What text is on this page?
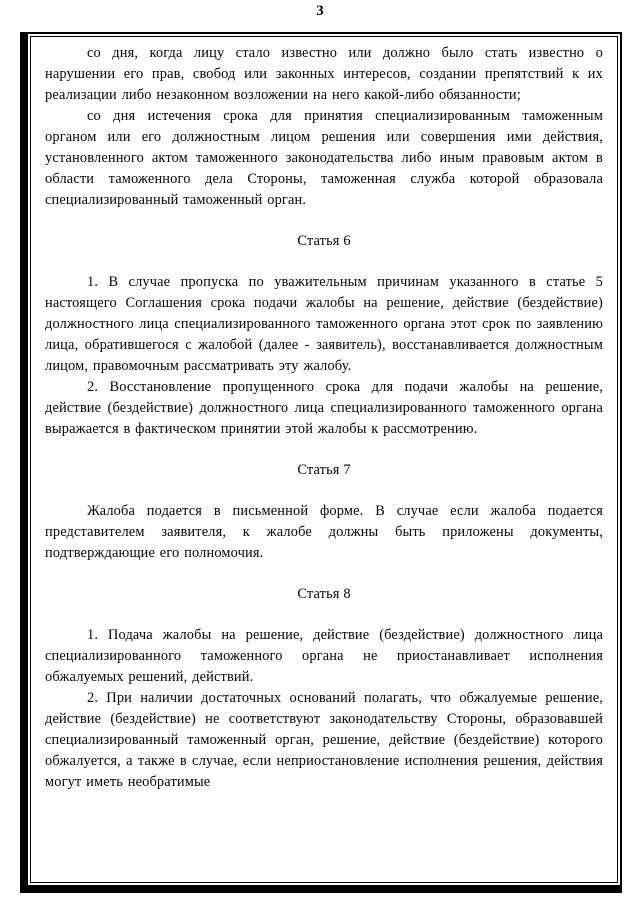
3

со дня, когда лицу стало известно или должно было стать известно о нарушении его прав, свобод или законных интересов, создании препятствий к их реализации либо незаконном возложении на него какой-либо обязанности;

со дня истечения срока для принятия специализированным таможенным органом или его должностным лицом решения или совершения ими действия, установленного актом таможенного законодательства либо иным правовым актом в области таможенного дела Стороны, таможенная служба которой образовала специализированный таможенный орган.

Статья 6

1. В случае пропуска по уважительным причинам указанного в статье 5 настоящего Соглашения срока подачи жалобы на решение, действие (бездействие) должностного лица специализированного таможенного органа этот срок по заявлению лица, обратившегося с жалобой (далее - заявитель), восстанавливается должностным лицом, правомочным рассматривать эту жалобу.

2. Восстановление пропущенного срока для подачи жалобы на решение, действие (бездействие) должностного лица специализированного таможенного органа выражается в фактическом принятии этой жалобы к рассмотрению.

Статья 7

Жалоба подается в письменной форме. В случае если жалоба подается представителем заявителя, к жалобе должны быть приложены документы, подтверждающие его полномочия.

Статья 8

1. Подача жалобы на решение, действие (бездействие) должностного лица специализированного таможенного органа не приостанавливает исполнения обжалуемых решений, действий.

2. При наличии достаточных оснований полагать, что обжалуемые решение, действие (бездействие) не соответствуют законодательству Стороны, образовавшей специализированный таможенный орган, решение, действие (бездействие) которого обжалуется, а также в случае, если неприостановление исполнения решения, действия могут иметь необратимые
